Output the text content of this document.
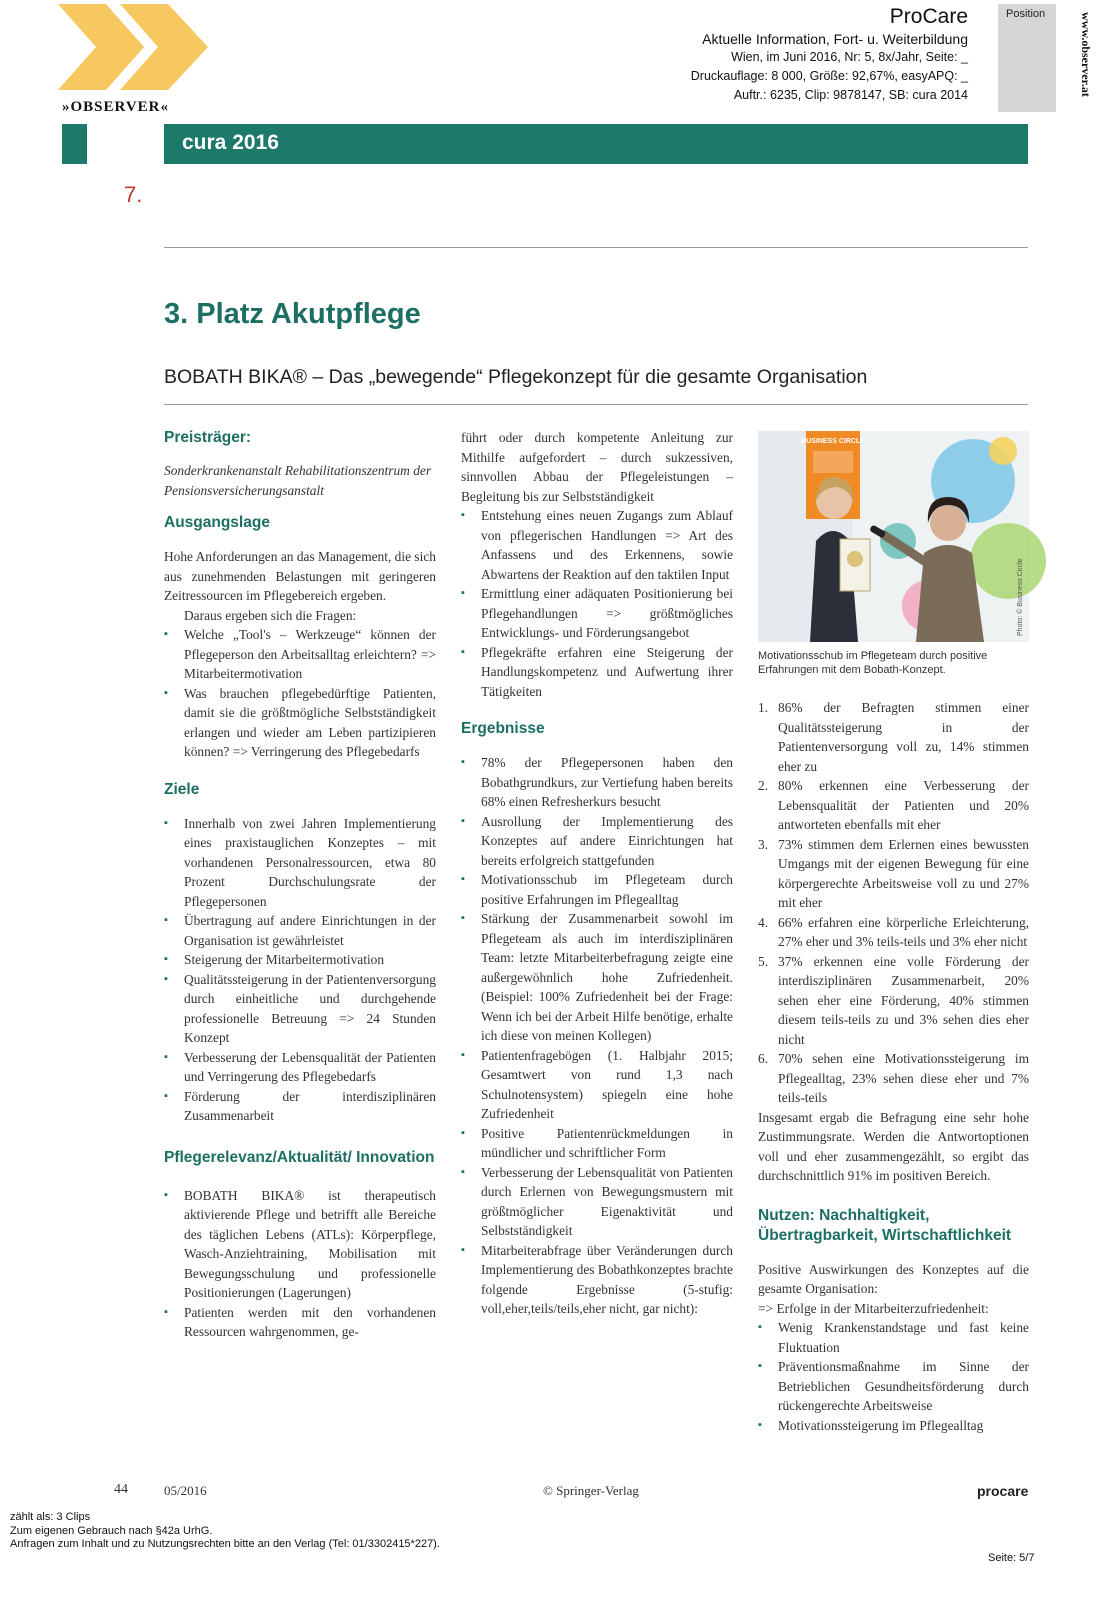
»OBSERVER«
ProCare
Aktuelle Information, Fort- u. Weiterbildung
Wien, im Juni 2016, Nr: 5, 8x/Jahr, Seite: _
Druckauflage: 8 000, Größe: 92,67%, easyAPQ: _
Auftr.: 6235, Clip: 9878147, SB: cura 2014
Position	www.observer.at
cura 2016
7.
3. Platz Akutpflege
BOBATH BIKA® – Das „bewegende“ Pflegekonzept für die gesamte Organisation
Preisträger:

Sonderkrankenanstalt Rehabilitationszentrum der Pensionsversicherungsanstalt

Ausgangslage

Hohe Anforderungen an das Management, die sich aus zunehmenden Belastungen mit geringeren Zeitressourcen im Pflegebereich ergeben.

Daraus ergeben sich die Fragen:

▪ Welche „Tool's – Werkzeuge“ können der Pflegeperson den Arbeitsalltag erleichtern? => Mitarbeitermotivation
▪ Was brauchen pflegebedürftige Patienten, damit sie die größtmögliche Selbstständigkeit erlangen und wieder am Leben partizipieren können? => Verringerung des Pflegebedarfs
Ziele
▪ Innerhalb von zwei Jahren Implementierung eines praxistauglichen Konzeptes – mit vorhandenen Personalressourcen, etwa 80 Prozent Durchschulungsrate der Pflegepersonen
▪ Übertragung auf andere Einrichtungen in der Organisation ist gewährleistet
▪ Steigerung der Mitarbeitermotivation
▪ Qualitätssteigerung in der Patientenversorgung durch einheitliche und durchgehende professionelle Betreuung => 24 Stunden Konzept
▪ Verbesserung der Lebensqualität der Patienten und Verringerung des Pflegebedarfs
▪ Förderung der interdisziplinären Zusammenarbeit
Pflegerelevanz/Aktualität/ Innovation
▪ BOBATH BIKA® ist therapeutisch aktivierende Pflege und betrifft alle Bereiche des täglichen Lebens (ATLs): Körperpflege, Wasch-Anziehtraining, Mobilisation mit Bewegungsschulung und professionelle Positionierungen (Lagerungen)
▪ Patienten werden mit den vorhandenen Ressourcen wahrgenommen, ge-

führt oder durch kompetente Anleitung zur Mithilfe aufgefordert – durch sukzessiven, sinnvollen Abbau der Pflegeleistungen – Begleitung bis zur Selbstständigkeit

▪ Entstehung eines neuen Zugangs zum Ablauf von pflegerischen Handlungen => Art des Anfassens und des Erkennens, sowie Abwartens der Reaktion auf den taktilen Input
▪ Ermittlung einer adäquaten Positionierung bei Pflegehandlungen => größtmögliches Entwicklungs- und Förderungsangebot
▪ Pflegekräfte erfahren eine Steigerung der Handlungskompetenz und Aufwertung ihrer Tätigkeiten
Ergebnisse
▪ 78% der Pflegepersonen haben den Bobathgrundkurs, zur Vertiefung haben bereits 68% einen Refresherkurs besucht
▪ Ausrollung der Implementierung des Konzeptes auf andere Einrichtungen hat bereits erfolgreich stattgefunden
▪ Motivationsschub im Pflegeteam durch positive Erfahrungen im Pflegealltag
▪ Stärkung der Zusammenarbeit sowohl im Pflegeteam als auch im interdisziplinären Team: letzte Mitarbeiterbefragung zeigte eine außergewöhnlich hohe Zufriedenheit. (Beispiel: 100% Zufriedenheit bei der Frage: Wenn ich bei der Arbeit Hilfe benötige, erhalte ich diese von meinen Kollegen)
▪ Patientenfragebögen (1. Halbjahr 2015; Gesamtwert von rund 1,3 nach Schulnotensystem) spiegeln eine hohe Zufriedenheit
▪ Positive Patientenrückmeldungen in mündlicher und schriftlicher Form
▪ Verbesserung der Lebensqualität von Patienten durch Erlernen von Bewegungsmustern mit größtmöglicher Eigenaktivität und Selbstständigkeit
▪ Mitarbeiterabfrage über Veränderungen durch Implementierung des Bobathkonzeptes brachte folgende Ergebnisse (5-stufig: voll,eher,teils/teils,eher nicht, gar nicht):
BUSINESS CIRCLE
Photo: © Business Circle
Motivationsschub im Pflegeteam durch positive Erfahrungen mit dem Bobath-Konzept.
1. 86% der Befragten stimmen einer Qualitätssteigerung in der Patientenversorgung voll zu, 14% stimmen eher zu
2. 80% erkennen eine Verbesserung der Lebensqualität der Patienten und 20% antworteten ebenfalls mit eher
3. 73% stimmen dem Erlernen eines bewussten Umgangs mit der eigenen Bewegung für eine körpergerechte Arbeitsweise voll zu und 27% mit eher
4. 66% erfahren eine körperliche Erleichterung, 27% eher und 3% teils-teils und 3% eher nicht
5. 37% erkennen eine volle Förderung der interdisziplinären Zusammenarbeit, 20% sehen eher eine Förderung, 40% stimmen diesem teils-teils zu und 3% sehen dies eher nicht
6. 70% sehen eine Motivationssteigerung im Pflegealltag, 23% sehen diese eher und 7% teils-teils

Insgesamt ergab die Befragung eine sehr hohe Zustimmungsrate. Werden die Antwortoptionen voll und eher zusammengezählt, so ergibt das durchschnittlich 91% im positiven Bereich.

Nutzen: Nachhaltigkeit, Übertragbarkeit, Wirtschaftlichkeit

Positive Auswirkungen des Konzeptes auf die gesamte Organisation:

=> Erfolge in der Mitarbeiterzufriedenheit:

▪ Wenig Krankenstandstage und fast keine Fluktuation
▪ Präventionsmaßnahme im Sinne der Betrieblichen Gesundheitsförderung durch rückengerechte Arbeitsweise
▪ Motivationssteigerung im Pflegealltag
44	05/2016	© Springer-Verlag	procare
zählt als: 3 Clips
Zum eigenen Gebrauch nach §42a UrhG.
Anfragen zum Inhalt und zu Nutzungsrechten bitte an den Verlag (Tel: 01/3302415*227).
Seite: 5/7
